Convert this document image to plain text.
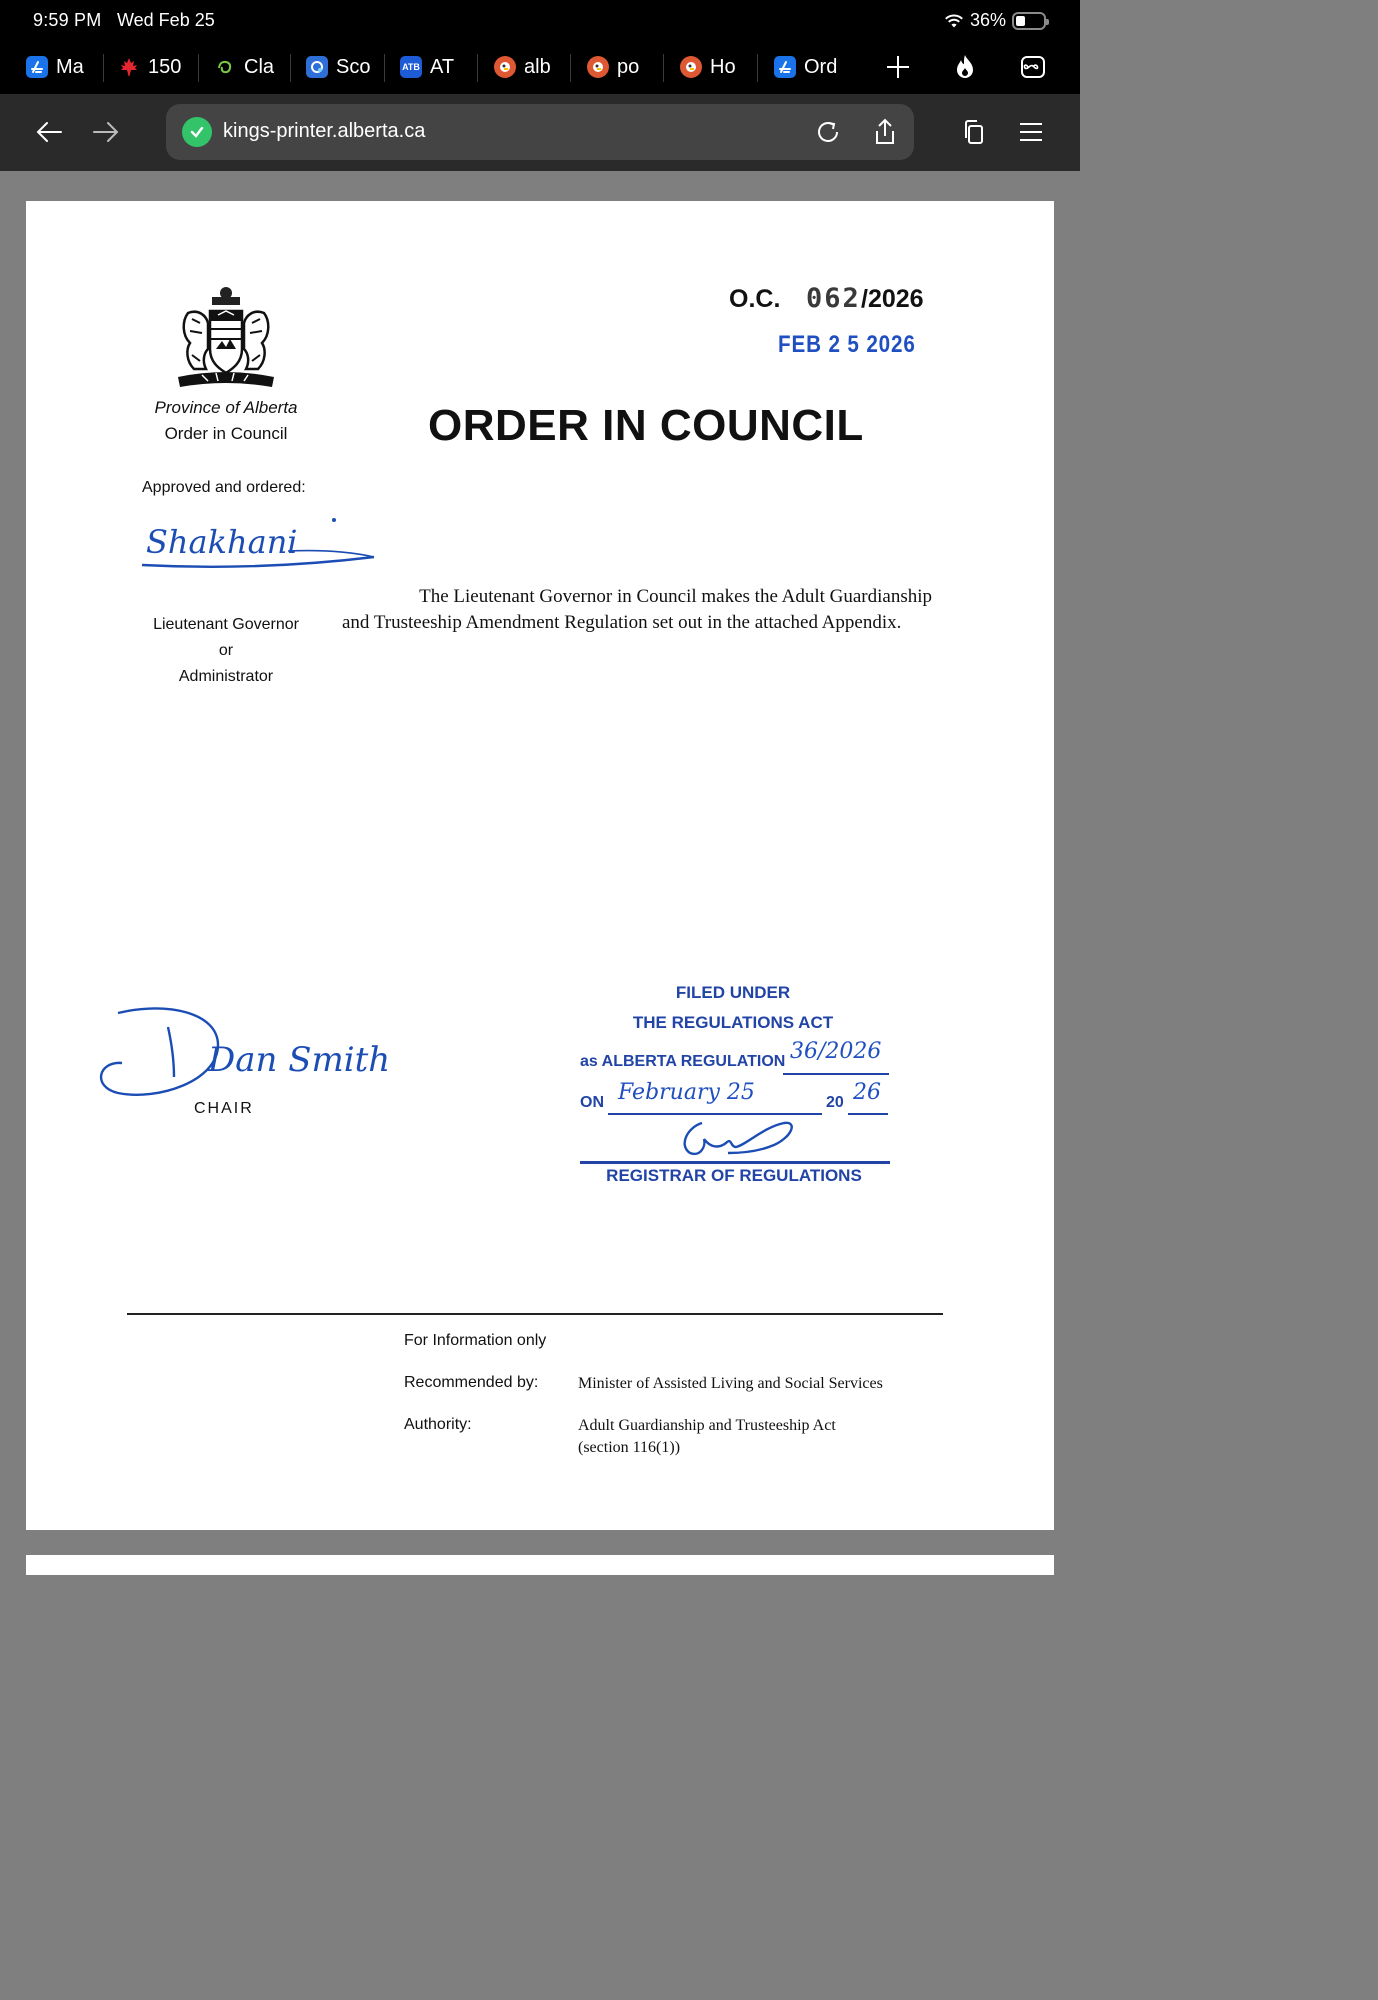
9:59 PM Wed Feb 25	36%
Ma	150	Cla	Sco	ATB AT	alb	po	Ho	Ord
kings-printer.alberta.ca
Province of Alberta
Order in Council
Approved and ordered:
Shakhani
Lieutenant Governor
or
Administrator
O.C. 062 /2026
FEB 2 5 2026
ORDER IN COUNCIL
The Lieutenant Governor in Council makes the Adult Guardianship
and Trusteeship Amendment Regulation set out in the attached Appendix.
Dan Smith
CHAIR
FILED UNDER
THE REGULATIONS ACT
as ALBERTA REGULATION 36/2026
ON February 25	20 26
REGISTRAR OF REGULATIONS
For Information only
Recommended by: Minister of Assisted Living and Social Services
Authority:	Adult Guardianship and Trusteeship Act
(section 116(1))
